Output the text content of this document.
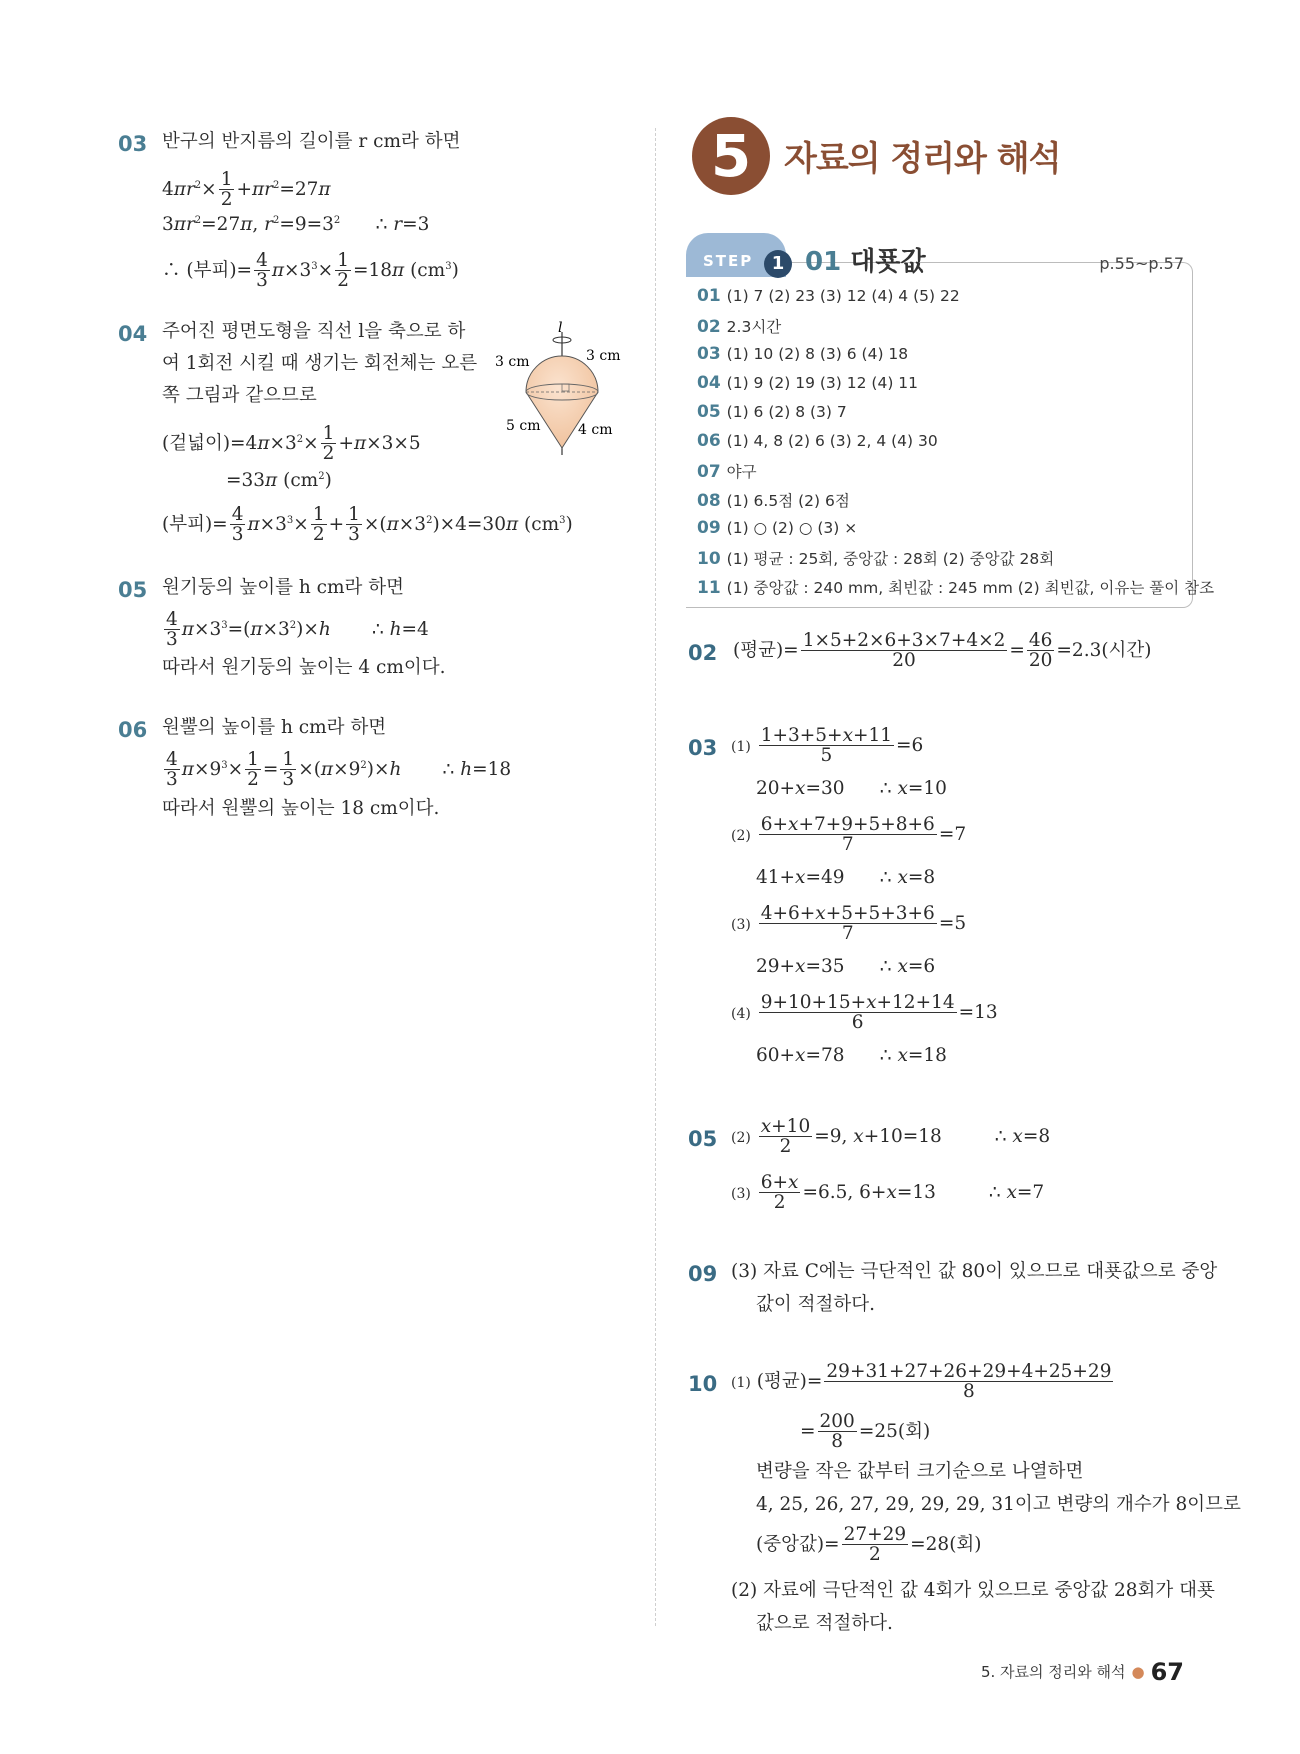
03 반구의 반지름의 길이를 r cm라 하면
$4\pi r^2\times \frac{1}{2} +\pi r^2=27\pi$
$3\pi r^2=27\pi$, $r^2=9=3^2$      ∴ r=3
∴ (부피)= $\frac{4}{3} \pi\times 3^3\times \frac{1}{2} =18\pi$ $(cm^3)$
04 주어진 평면도형을 직선 l을 축으로 하
여 1회전 시킬 때 생기는 회전체는 오른
쪽 그림과 같으므로
l
3 cm	3 cm
5 cm	4 cm
(겉넓이)$=4\pi\times 3^2\times \frac{1}{2} +\pi\times 3\times 5$
=33π $(cm^2)$
(부피)= $\frac{4}{3} \pi\times 3^3\times \frac{1}{2} + \frac{1}{3} \times(\pi\times 3^2)\times 4=30\pi$ $(cm^3)$
05 원기둥의 높이를 h cm라 하면
$\frac{4}{3} \pi\times 3^3=(\pi\times 3^2)\times h$       ∴ h=4
따라서 원기둥의 높이는 4 cm이다.
06 원뿔의 높이를 h cm라 하면
$\frac{4}{3} \pi\times 9^3\times \frac{1}{2} = \frac{1}{3} \times(\pi\times 9^2)\times h$       ∴ h=18
따라서 원뿔의 높이는 18 cm이다.
5 자료의 정리와 해석
STEP	1 01 대푯값	p.55~p.57
01 (1) 7 (2) 23 (3) 12 (4) 4 (5) 22
02 2.3시간
03 (1) 10 (2) 8 (3) 6 (4) 18
04 (1) 9 (2) 19 (3) 12 (4) 11
05 (1) 6 (2) 8 (3) 7
06 (1) 4, 8 (2) 6 (3) 2, 4 (4) 30
07 야구
08 (1) 6.5점 (2) 6점
09 (1) ○ (2) ○ (3) ×
10 (1) 평균 : 25회, 중앙값 : 28회 (2) 중앙값 28회
11 (1) 중앙값 : 240 mm, 최빈값 : 245 mm (2) 최빈값, 이유는 풀이 참조
02 (평균)= $\frac{1\times 5+2\times 6+3\times 7+4\times 2}{20} = \frac{46}{20} =2.3$(시간)
03 $(1) \frac{1+3+5+x+11}{5} =6$
20+x=30      ∴ x=10
$(2) \frac{6+x+7+9+5+8+6}{7} =7$
41+x=49      ∴ x=8
$(3) \frac{4+6+x+5+5+3+6}{7} =5$
29+x=35      ∴ x=6
$(4) \frac{9+10+15+x+12+14}{6} =13$
60+x=78      ∴ x=18
05 $(2) \frac{x+10}{2} =9$, x+10=18         ∴ x=8
$(3) \frac{6+x}{2} =6.5$, 6+x=13         ∴ x=7
09 (3) 자료 C에는 극단적인 값 80이 있으므로 대푯값으로 중앙
값이 적절하다.
10 (1) (평균)= $\frac{29+31+27+26+29+4+25+29}{8}$
= $\frac{200}{8} =25$(회)
변량을 작은 값부터 크기순으로 나열하면
4, 25, 26, 27, 29, 29, 29, 31이고 변량의 개수가 8이므로
(중앙값)= $\frac{27+29}{2} =28$(회)
(2) 자료에 극단적인 값 4회가 있으므로 중앙값 28회가 대푯
값으로 적절하다.
5. 자료의 정리와 해석 ● 67
